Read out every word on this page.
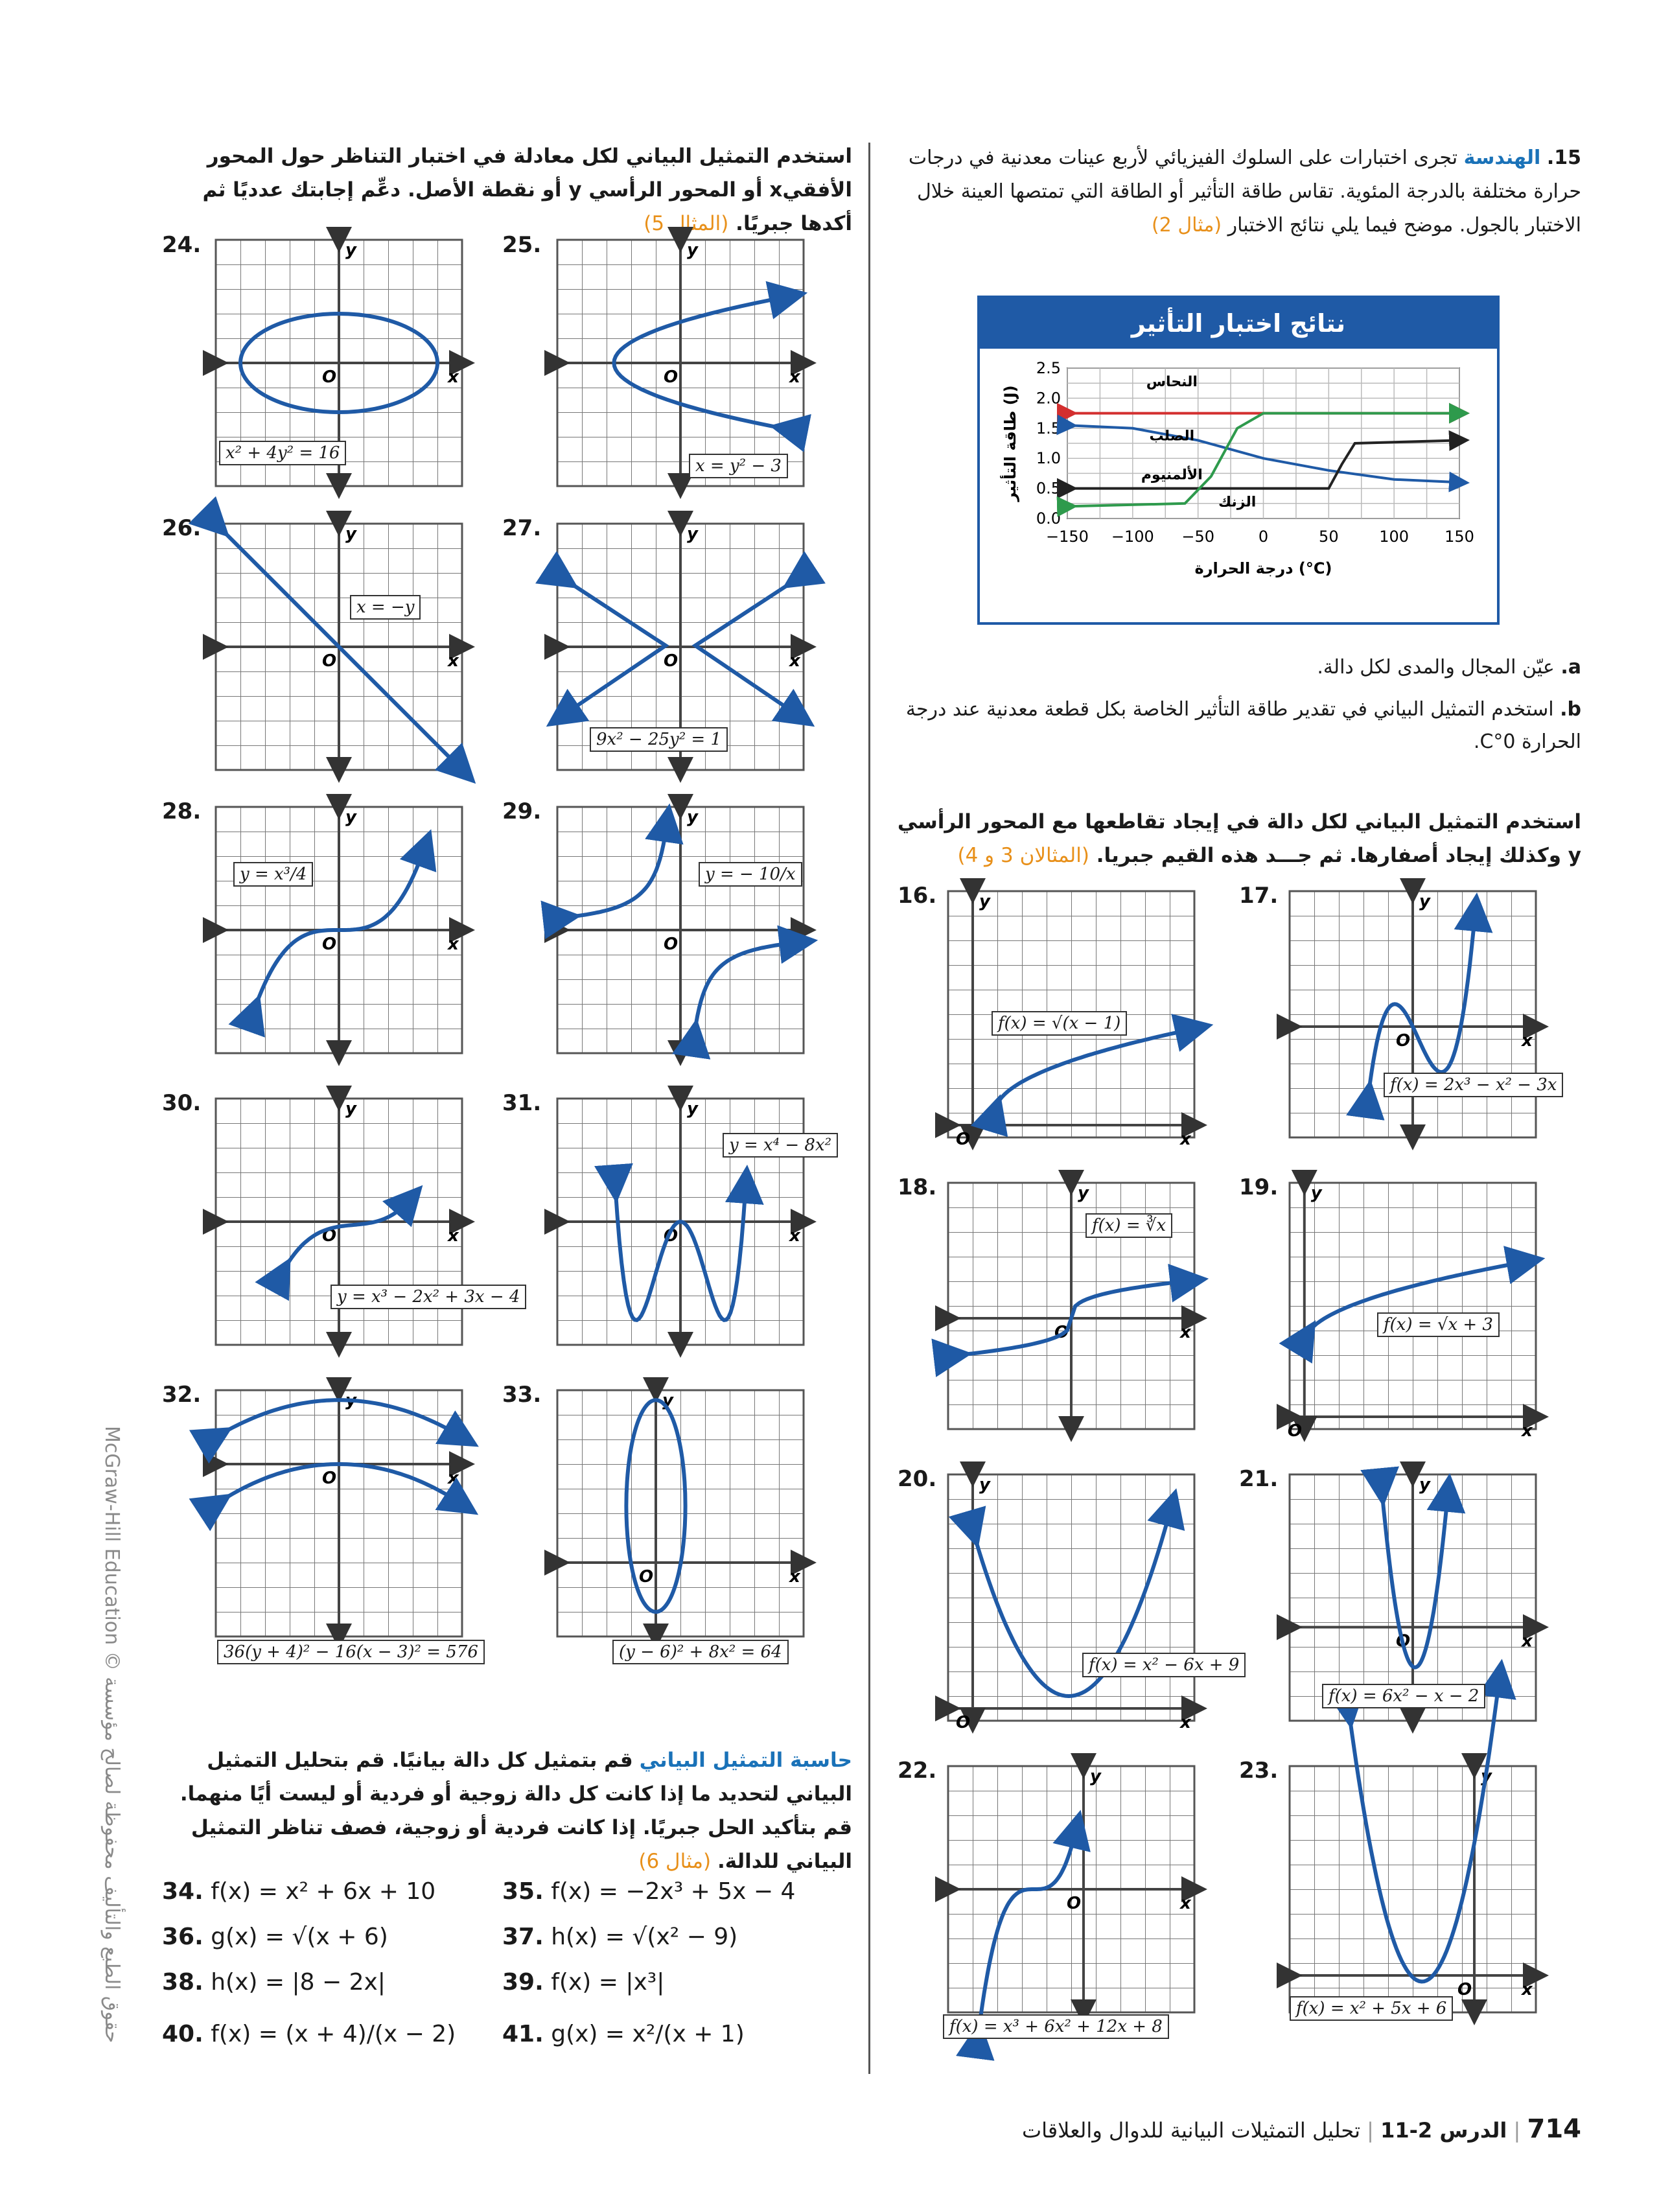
McGraw-Hill Education © حقوق الطبع والتأليف محفوظة لصالح مؤسسة
استخدم التمثيل البياني لكل معادلة في اختبار التناظر حول المحور الأفقيx أو المحور الرأسي y أو نقطة الأصل. دعِّم إجابتك عدديًا ثم أكدها جبريًا. (المثال 5)
x
y
O	x
y
O
x
y
O	x
y
O
x
y
O	x
y
O
x
y
O	x
y
O
x
y
O
x
y
O
x
y
O
x
y
O
x
y
O
x
y
O
x
y
O
x
y
O
x
y
O
x
y
O
24.	25.
26.	27.
28.	29.
30.	31.
32.	33.
x² + 4y² = 16
x = y² − 3
x = −y
9x² − 25y² = 1
y = x³/4	y = − 10/x
y = x³ − 2x² + 3x − 4
y = x⁴ − 8x²
36(y + 4)² − 16(x − 3)² = 576	(y − 6)² + 8x² = 64
حاسبة التمثيل البياني قم بتمثيل كل دالة بيانيًا. قم بتحليل التمثيل البياني لتحديد ما إذا كانت كل دالة زوجية أو فردية أو ليست أيًا منهما. قم بتأكيد الحل جبريًا. إذا كانت فردية أو زوجية، فصف تناظر التمثيل البياني للدالة. (مثال 6)
34. f(x) = x² + 6x + 10	35. f(x) = −2x³ + 5x − 4
36. g(x) = √(x + 6)	37. h(x) = √(x² − 9)
38. h(x) = |8 − 2x|	39. f(x) = |x³|
40. f(x) = (x + 4)/(x − 2) 41. g(x) = x²/(x + 1)
15. الهندسة تجرى اختبارات على السلوك الفيزيائي لأربع عينات معدنية في درجات حرارة مختلفة بالدرجة المئوية. تقاس طاقة التأثير أو الطاقة التي تمتصها العينة خلال الاختبار بالجول. موضح فيما يلي نتائج الاختبار (مثال 2)
نتائج اختبار التأثير
−150 −100 −50	0	50	100 150
0.0
0.5
1.0
1.5
2.0
2.5
درجة الحرارة (°C)
طاقة التأثير (J)
النحاس
الألمنيوم
الصلب
الزنك
a. عيّن المجال والمدى لكل دالة.
b. استخدم التمثيل البياني في تقدير طاقة التأثير الخاصة بكل قطعة معدنية عند درجة الحرارة 0°C.
استخدم التمثيل البياني لكل دالة في إيجاد تقاطعها مع المحور الرأسي y وكذلك إيجاد أصفارها. ثم جـــد هذه القيم جبريا. (المثالان 3 و 4)
16.	17.
18.	19.
20.	21.
22.	23.
f(x) = √(x − 1)
f(x) = 2x³ − x² − 3x
f(x) = ∛x
f(x) = √x + 3
f(x) = x² − 6x + 9
f(x) = 6x² − x − 2
f(x) = x³ + 6x² + 12x + 8
f(x) = x² + 5x + 6
714 | الدرس 2-11 | تحليل التمثيلات البيانية للدوال والعلاقات
